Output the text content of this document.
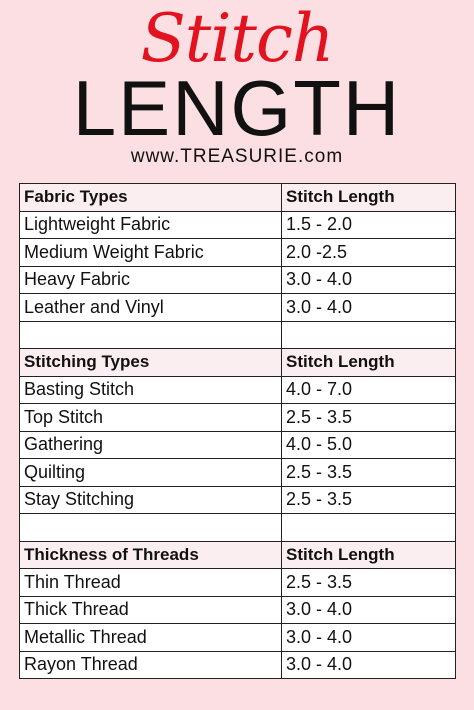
Stitch
LENGTH
www.TREASURIE.com
Fabric Types	Stitch Length
Lightweight Fabric	1.5 - 2.0
Medium Weight Fabric	2.0 -2.5
Heavy Fabric	3.0 - 4.0
Leather and Vinyl	3.0 - 4.0

Stitching Types	Stitch Length
Basting Stitch	4.0 - 7.0
Top Stitch	2.5 - 3.5
Gathering	4.0 - 5.0
Quilting	2.5 - 3.5
Stay Stitching	2.5 - 3.5

Thickness of Threads	Stitch Length
Thin Thread	2.5 - 3.5
Thick Thread	3.0 - 4.0
Metallic Thread	3.0 - 4.0
Rayon Thread	3.0 - 4.0
